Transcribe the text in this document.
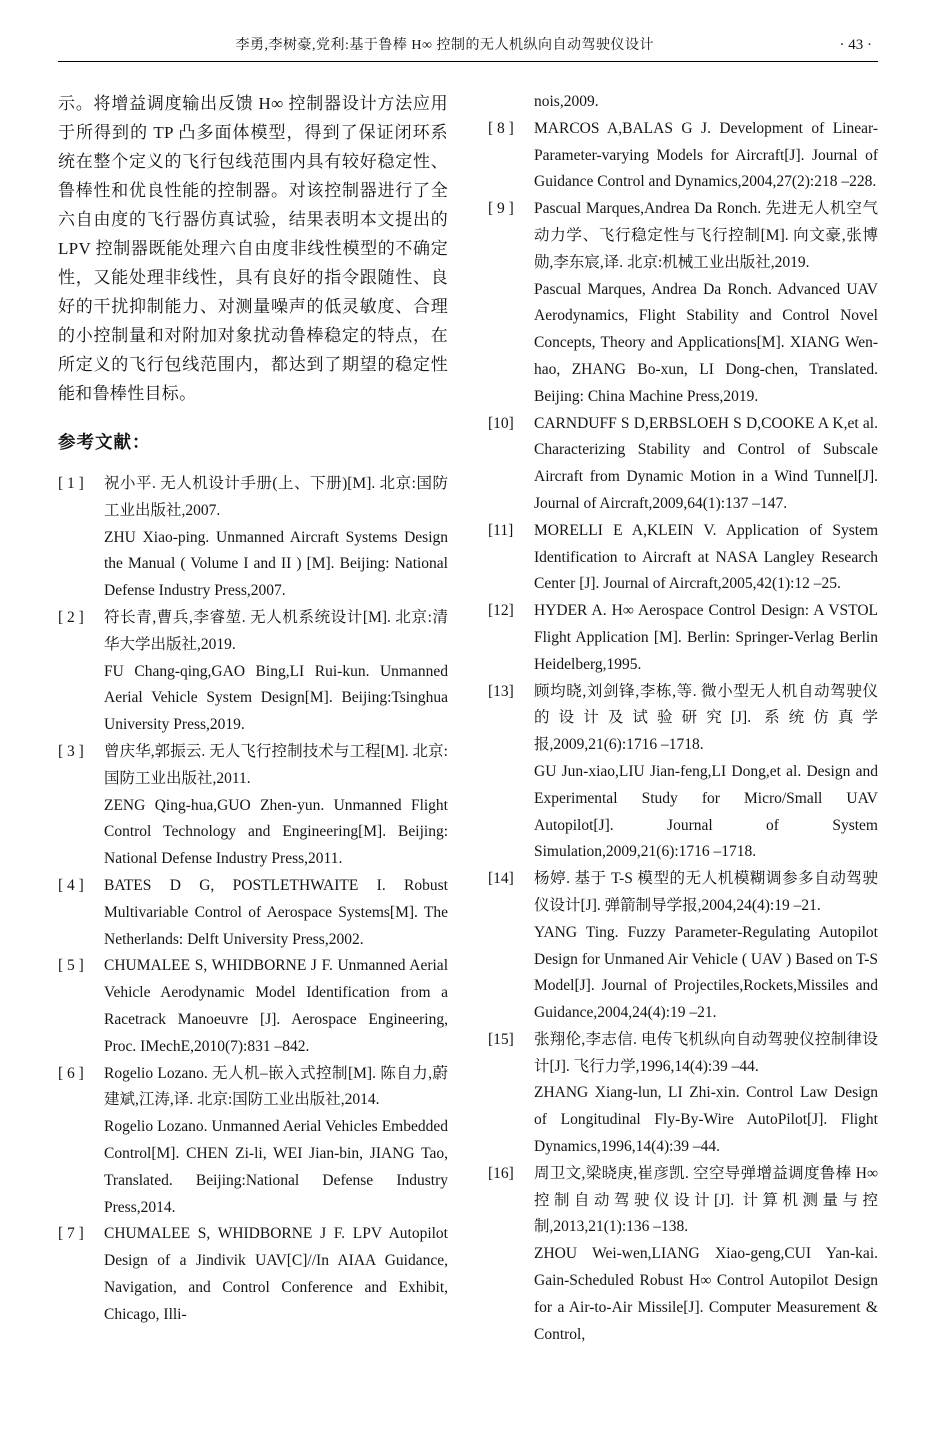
李勇,李树豪,党利:基于鲁棒 H∞ 控制的无人机纵向自动驾驶仪设计	· 43 ·

示。将增益调度输出反馈 H∞ 控制器设计方法应用于所得到的 TP 凸多面体模型，得到了保证闭环系统在整个定义的飞行包线范围内具有较好稳定性、鲁棒性和优良性能的控制器。对该控制器进行了全六自由度的飞行器仿真试验，结果表明本文提出的 LPV 控制器既能处理六自由度非线性模型的不确定性，又能处理非线性，具有良好的指令跟随性、良好的干扰抑制能力、对测量噪声的低灵敏度、合理的小控制量和对附加对象扰动鲁棒稳定的特点，在所定义的飞行包线范围内，都达到了期望的稳定性能和鲁棒性目标。

参考文献：
[ 1 ]	祝小平. 无人机设计手册(上、下册)[M]. 北京:国防工业出版社,2007.

ZHU Xiao-ping. Unmanned Aircraft Systems Design the Manual ( Volume I and II ) [M]. Beijing: National Defense Industry Press,2007.

[ 2 ]	符长青,曹兵,李睿堃. 无人机系统设计[M]. 北京:清华大学出版社,2019.

FU Chang-qing,GAO Bing,LI Rui-kun. Unmanned Aerial Vehicle System Design[M]. Beijing:Tsinghua University Press,2019.

[ 3 ]	曾庆华,郭振云. 无人飞行控制技术与工程[M]. 北京:国防工业出版社,2011.

ZENG Qing-hua,GUO Zhen-yun. Unmanned Flight Control Technology and Engineering[M]. Beijing: National Defense Industry Press,2011.

[ 4 ]	BATES D G, POSTLETHWAITE I. Robust Multivariable Control of Aerospace Systems[M]. The Netherlands: Delft University Press,2002.

[ 5 ]	CHUMALEE S, WHIDBORNE J F. Unmanned Aerial Vehicle Aerodynamic Model Identification from a Racetrack Manoeuvre [J]. Aerospace Engineering, Proc. IMechE,2010(7):831 –842.

[ 6 ]	Rogelio Lozano. 无人机–嵌入式控制[M]. 陈自力,蔚建斌,江涛,译. 北京:国防工业出版社,2014.

Rogelio Lozano. Unmanned Aerial Vehicles Embedded Control[M]. CHEN Zi-li, WEI Jian-bin, JIANG Tao, Translated. Beijing:National Defense Industry Press,2014.

[ 7 ]	CHUMALEE S, WHIDBORNE J F. LPV Autopilot Design of a Jindivik UAV[C]//In AIAA Guidance, Navigation, and Control Conference and Exhibit, Chicago, Illi-

nois,2009.

[ 8 ]	MARCOS A,BALAS G J. Development of Linear-Parameter-varying Models for Aircraft[J]. Journal of Guidance Control and Dynamics,2004,27(2):218 –228.

[ 9 ]	Pascual Marques,Andrea Da Ronch. 先进无人机空气动力学、飞行稳定性与飞行控制[M]. 向文豪,张博勋,李东宸,译. 北京:机械工业出版社,2019.

Pascual Marques, Andrea Da Ronch. Advanced UAV Aerodynamics, Flight Stability and Control Novel Concepts, Theory and Applications[M]. XIANG Wen-hao, ZHANG Bo-xun, LI Dong-chen, Translated. Beijing: China Machine Press,2019.

[10]	CARNDUFF S D,ERBSLOEH S D,COOKE A K,et al. Characterizing Stability and Control of Subscale Aircraft from Dynamic Motion in a Wind Tunnel[J]. Journal of Aircraft,2009,64(1):137 –147.

[11]	MORELLI E A,KLEIN V. Application of System Identification to Aircraft at NASA Langley Research Center [J]. Journal of Aircraft,2005,42(1):12 –25.

[12]	HYDER A. H∞ Aerospace Control Design: A VSTOL Flight Application [M]. Berlin: Springer-Verlag Berlin Heidelberg,1995.

[13]	顾均晓,刘剑锋,李栋,等. 微小型无人机自动驾驶仪的设计及试验研究[J]. 系统仿真学报,2009,21(6):1716 –1718.

GU Jun-xiao,LIU Jian-feng,LI Dong,et al. Design and Experimental Study for Micro/Small UAV Autopilot[J]. Journal of System Simulation,2009,21(6):1716 –1718.

[14]	杨婷. 基于 T-S 模型的无人机模糊调参多自动驾驶仪设计[J]. 弹箭制导学报,2004,24(4):19 –21.

YANG Ting. Fuzzy Parameter-Regulating Autopilot Design for Unmaned Air Vehicle ( UAV ) Based on T-S Model[J]. Journal of Projectiles,Rockets,Missiles and Guidance,2004,24(4):19 –21.

[15]	张翔伦,李志信. 电传飞机纵向自动驾驶仪控制律设计[J]. 飞行力学,1996,14(4):39 –44.

ZHANG Xiang-lun, LI Zhi-xin. Control Law Design of Longitudinal Fly-By-Wire AutoPilot[J]. Flight Dynamics,1996,14(4):39 –44.

[16]	周卫文,梁晓庚,崔彦凯. 空空导弹增益调度鲁棒 H∞ 控制自动驾驶仪设计[J]. 计算机测量与控制,2013,21(1):136 –138.

ZHOU Wei-wen,LIANG Xiao-geng,CUI Yan-kai. Gain-Scheduled Robust H∞ Control Autopilot Design for a Air-to-Air Missile[J]. Computer Measurement & Control,
